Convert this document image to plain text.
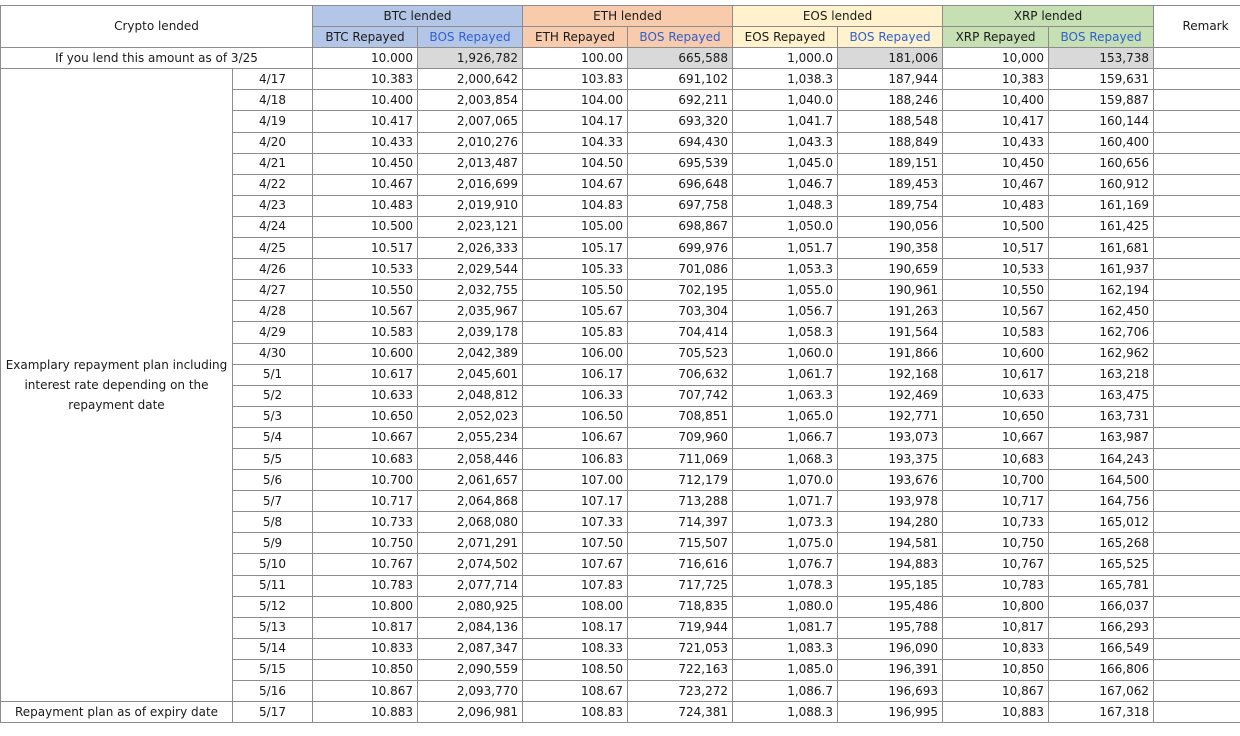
Crypto lended		BTC lended		ETH lended		EOS lended		XRP lended		Remark
		BTC Repayed	BOS Repayed	ETH Repayed	BOS Repayed	EOS Repayed	BOS Repayed	XRP Repayed	BOS Repayed	
If you lend this amount as of 3/25		10.000	1,926,782	100.00	665,588	1,000.0	181,006	10,000	153,738	
Examplary repayment plan including interest rate depending on the repayment date	4/17	10.383	2,000,642	103.83	691,102	1,038.3	187,944	10,383	159,631	
	4/18	10.400	2,003,854	104.00	692,211	1,040.0	188,246	10,400	159,887	
	4/19	10.417	2,007,065	104.17	693,320	1,041.7	188,548	10,417	160,144	
	4/20	10.433	2,010,276	104.33	694,430	1,043.3	188,849	10,433	160,400	
	4/21	10.450	2,013,487	104.50	695,539	1,045.0	189,151	10,450	160,656	
	4/22	10.467	2,016,699	104.67	696,648	1,046.7	189,453	10,467	160,912	
	4/23	10.483	2,019,910	104.83	697,758	1,048.3	189,754	10,483	161,169	
	4/24	10.500	2,023,121	105.00	698,867	1,050.0	190,056	10,500	161,425	
	4/25	10.517	2,026,333	105.17	699,976	1,051.7	190,358	10,517	161,681	
	4/26	10.533	2,029,544	105.33	701,086	1,053.3	190,659	10,533	161,937	
	4/27	10.550	2,032,755	105.50	702,195	1,055.0	190,961	10,550	162,194	
	4/28	10.567	2,035,967	105.67	703,304	1,056.7	191,263	10,567	162,450	
	4/29	10.583	2,039,178	105.83	704,414	1,058.3	191,564	10,583	162,706	
	4/30	10.600	2,042,389	106.00	705,523	1,060.0	191,866	10,600	162,962	
	5/1	10.617	2,045,601	106.17	706,632	1,061.7	192,168	10,617	163,218	
	5/2	10.633	2,048,812	106.33	707,742	1,063.3	192,469	10,633	163,475	
	5/3	10.650	2,052,023	106.50	708,851	1,065.0	192,771	10,650	163,731	
	5/4	10.667	2,055,234	106.67	709,960	1,066.7	193,073	10,667	163,987	
	5/5	10.683	2,058,446	106.83	711,069	1,068.3	193,375	10,683	164,243	
	5/6	10.700	2,061,657	107.00	712,179	1,070.0	193,676	10,700	164,500	
	5/7	10.717	2,064,868	107.17	713,288	1,071.7	193,978	10,717	164,756	
	5/8	10.733	2,068,080	107.33	714,397	1,073.3	194,280	10,733	165,012	
	5/9	10.750	2,071,291	107.50	715,507	1,075.0	194,581	10,750	165,268	
	5/10	10.767	2,074,502	107.67	716,616	1,076.7	194,883	10,767	165,525	
	5/11	10.783	2,077,714	107.83	717,725	1,078.3	195,185	10,783	165,781	
	5/12	10.800	2,080,925	108.00	718,835	1,080.0	195,486	10,800	166,037	
	5/13	10.817	2,084,136	108.17	719,944	1,081.7	195,788	10,817	166,293	
	5/14	10.833	2,087,347	108.33	721,053	1,083.3	196,090	10,833	166,549	
	5/15	10.850	2,090,559	108.50	722,163	1,085.0	196,391	10,850	166,806	
	5/16	10.867	2,093,770	108.67	723,272	1,086.7	196,693	10,867	167,062	
Repayment plan as of expiry date	5/17	10.883	2,096,981	108.83	724,381	1,088.3	196,995	10,883	167,318	
